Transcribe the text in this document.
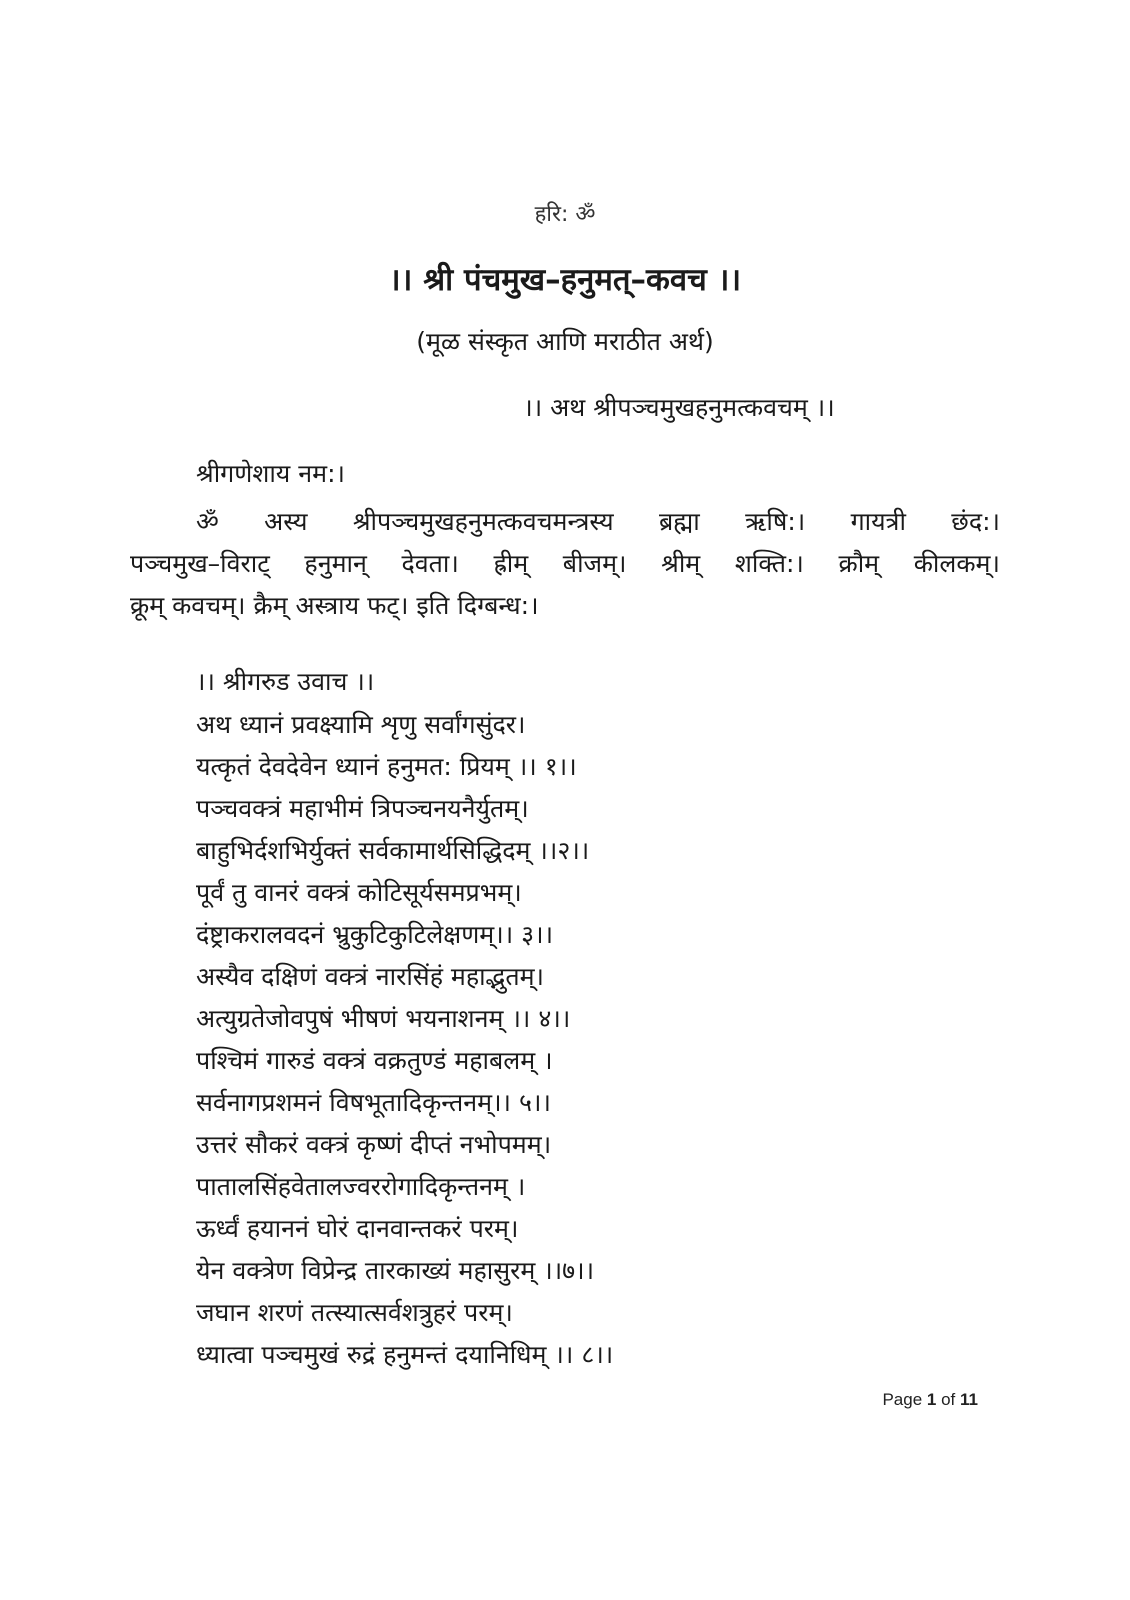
हरि: ॐ
।। श्री पंचमुख–हनुमत्–कवच ।।
(मूळ संस्कृत आणि मराठीत अर्थ)
।। अथ श्रीपञ्चमुखहनुमत्कवचम् ।।
श्रीगणेशाय नम:।
ॐ अस्य श्रीपञ्चमुखहनुमत्कवचमन्त्रस्य ब्रह्मा ऋषि:। गायत्री छंद:।
पञ्चमुख–विराट् हनुमान् देवता। ह्रीम् बीजम्। श्रीम् शक्ति:। क्रौम् कीलकम्।
क्रूम् कवचम्। क्रैम् अस्त्राय फट्। इति दिग्बन्ध:।
।। श्रीगरुड उवाच ।।
अथ ध्यानं प्रवक्ष्यामि शृणु सर्वांगसुंदर।
यत्कृतं देवदेवेन ध्यानं हनुमत: प्रियम् ।। १।।
पञ्चवक्त्रं महाभीमं त्रिपञ्चनयनैर्युतम्।
बाहुभिर्दशभिर्युक्तं सर्वकामार्थसिद्धिदम् ।।२।।
पूर्वं तु वानरं वक्त्रं कोटिसूर्यसमप्रभम्।
दंष्ट्राकरालवदनं भ्रुकुटिकुटिलेक्षणम्।। ३।।
अस्यैव दक्षिणं वक्त्रं नारसिंहं महाद्भुतम्।
अत्युग्रतेजोवपुषं भीषणं भयनाशनम् ।। ४।।
पश्चिमं गारुडं वक्त्रं वक्रतुण्डं महाबलम् ।
सर्वनागप्रशमनं विषभूतादिकृन्तनम्।। ५।।
उत्तरं सौकरं वक्त्रं कृष्णं दीप्तं नभोपमम्।
पातालसिंहवेतालज्वररोगादिकृन्तनम् ।
ऊर्ध्वं हयाननं घोरं दानवान्तकरं परम्।
येन वक्त्रेण विप्रेन्द्र तारकाख्यं महासुरम् ।।७।।
जघान शरणं तत्स्यात्सर्वशत्रुहरं परम्।
ध्यात्वा पञ्चमुखं रुद्रं हनुमन्तं दयानिधिम् ।। ८।।
Page 1 of 11
